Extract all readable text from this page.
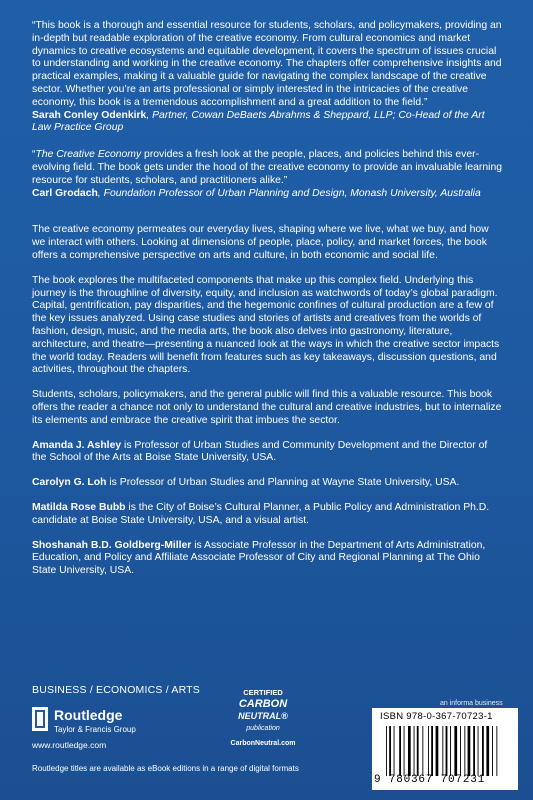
“This book is a thorough and essential resource for students, scholars, and policymakers, providing an in-depth but readable exploration of the creative economy. From cultural economics and market dynamics to creative ecosystems and equitable development, it covers the spectrum of issues crucial to understanding and working in the creative economy. The chapters offer comprehensive insights and practical examples, making it a valuable guide for navigating the complex landscape of the creative sector. Whether you’re an arts professional or simply interested in the intricacies of the creative economy, this book is a tremendous accomplishment and a great addition to the field.”
Sarah Conley Odenkirk, Partner, Cowan DeBaets Abrahms & Sheppard, LLP; Co-Head of the Art Law Practice Group
“The Creative Economy provides a fresh look at the people, places, and policies behind this ever-evolving field. The book gets under the hood of the creative economy to provide an invaluable learning resource for students, scholars, and practitioners alike.”
Carl Grodach, Foundation Professor of Urban Planning and Design, Monash University, Australia

The creative economy permeates our everyday lives, shaping where we live, what we buy, and how we interact with others. Looking at dimensions of people, place, policy, and market forces, the book offers a comprehensive perspective on arts and culture, in both economic and social life.

The book explores the multifaceted components that make up this complex field. Underlying this journey is the throughline of diversity, equity, and inclusion as watchwords of today’s global paradigm. Capital, gentrification, pay disparities, and the hegemonic confines of cultural production are a few of the key issues analyzed. Using case studies and stories of artists and creatives from the worlds of fashion, design, music, and the media arts, the book also delves into gastronomy, literature, architecture, and theatre—presenting a nuanced look at the ways in which the creative sector impacts the world today. Readers will benefit from features such as key takeaways, discussion questions, and activities, throughout the chapters.

Students, scholars, policymakers, and the general public will find this a valuable resource. This book offers the reader a chance not only to understand the cultural and creative industries, but to internalize its elements and embrace the creative spirit that imbues the sector.

Amanda J. Ashley is Professor of Urban Studies and Community Development and the Director of the School of the Arts at Boise State University, USA.
Carolyn G. Loh is Professor of Urban Studies and Planning at Wayne State University, USA.
Matilda Rose Bubb is the City of Boise’s Cultural Planner, a Public Policy and Administration Ph.D. candidate at Boise State University, USA, and a visual artist.
Shoshanah B.D. Goldberg-Miller is Associate Professor in the Department of Arts Administration, Education, and Policy and Affiliate Associate Professor of City and Regional Planning at The Ohio State University, USA.
BUSINESS / ECONOMICS / ARTS
Routledge
Taylor & Francis Group
www.routledge.com
CERTIFIED
CARBON
NEUTRAL®
publication
CarbonNeutral.com
an informa business
ISBN 978-0-367-70723-1
9 780367 707231
Routledge titles are available as eBook editions in a range of digital formats
